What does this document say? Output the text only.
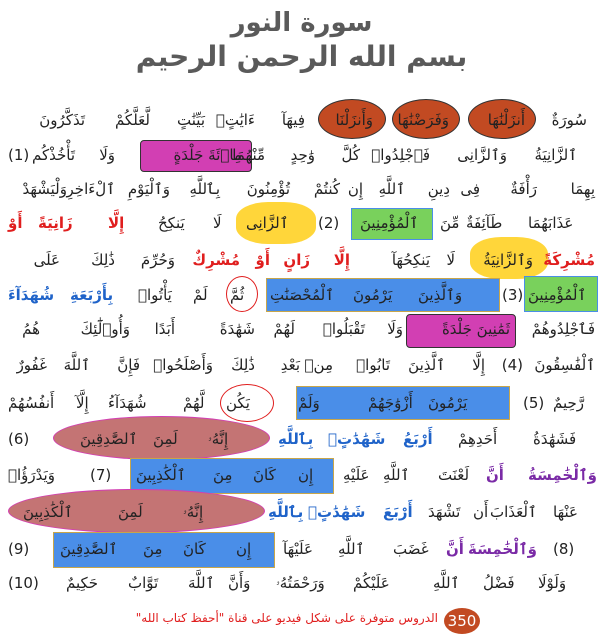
سورة النور
بسم الله الرحمن الرحيم
سُورَةٌ
أَنزَلْنَٰهَا
وَفَرَضْنَٰهَا
وَأَنزَلْنَا
فِيهَآ
ءَايَٰتٍۭ
بَيِّنَٰتٍ
لَّعَلَّكُمْ
تَذَكَّرُونَ
(1)	ٱلزَّانِيَةُ
وَٱلزَّانِى
فَٱجْلِدُوا۟
كُلَّ
وَٰحِدٍ
مِّنْهُمَا
مِا۟ئَةَ جَلْدَةٍ
وَلَا
تَأْخُذْكُم
بِهِمَا
رَأْفَةٌ
فِى
دِينِ
ٱللَّهِ
إِن
كُنتُمْ
تُؤْمِنُونَ
بِٱللَّهِ
وَٱلْيَوْمِ
ٱلْءَاخِرِ
وَلْيَشْهَدْ
أَوْ زَانِيَةً إِلَّا يَنكِحُ لَا ٱلزَّانِى (2) ٱلْمُؤْمِنِينَ مِّنَ طَآئِفَةٌ عَذَابَهُمَا
مُشْرِكَةً
وَٱلزَّانِيَةُ
لَا
يَنكِحُهَآ
إِلَّا
زَانٍ
أَوْ
مُشْرِكٌ
وَحُرِّمَ
ذَٰلِكَ
عَلَى
شُهَدَآءَ بِأَرْبَعَةِ يَأْتُوا۟ لَمْ ثُمَّ ٱلْمُحْصَنَٰتِ يَرْمُونَ وَٱلَّذِينَ	(3) ٱلْمُؤْمِنِينَ
فَٱجْلِدُوهُمْ
ثَمَٰنِينَ جَلْدَةً
وَلَا
تَقْبَلُوا۟
لَهُمْ
شَهَٰدَةً
أَبَدًا
وَأُو۟لَٰٓئِكَ
هُمُ
ٱلْفَٰسِقُونَ
(4)
إِلَّا
ٱلَّذِينَ
تَابُوا۟
مِنۢ
بَعْدِ
ذَٰلِكَ
وَأَصْلَحُوا۟
فَإِنَّ
ٱللَّهَ
غَفُورٌ
أَنفُسُهُمْ إِلَّآ شُهَدَآءُ لَّهُمْ يَكُن	وَلَمْ	أَزْوَٰجَهُمْ يَرْمُونَ	(5) رَّحِيمٌ
(6)	ٱلصَّٰدِقِينَ لَمِنَ إِنَّهُۥ	بِٱللَّهِ شَهَٰدَٰتٍۭ أَرْبَعُ أَحَدِهِمْ فَشَهَٰدَةُ
وَيَدْرَؤُا۟ (7) ٱلْكَٰذِبِينَ مِنَ كَانَ إِن عَلَيْهِ ٱللَّهِ لَعْنَتَ أَنَّ وَٱلْخَٰمِسَةُ
ٱلْكَٰذِبِينَ	لَمِنَ	إِنَّهُۥ	بِٱللَّهِ شَهَٰدَٰتٍۭ أَرْبَعَ تَشْهَدَ أَن ٱلْعَذَابَ عَنْهَا
(9) ٱلصَّٰدِقِينَ مِنَ كَانَ إِن عَلَيْهَآ ٱللَّهِ غَضَبَ أَنَّ وَٱلْخَٰمِسَةَ (8)
(10) حَكِيمٌ تَوَّابٌ ٱللَّهَ وَأَنَّ وَرَحْمَتُهُۥ عَلَيْكُمْ	ٱللَّهِ فَضْلُ وَلَوْلَا
350
الدروس متوفرة على شكل فيديو على قناة "أحفظ كتاب الله"
